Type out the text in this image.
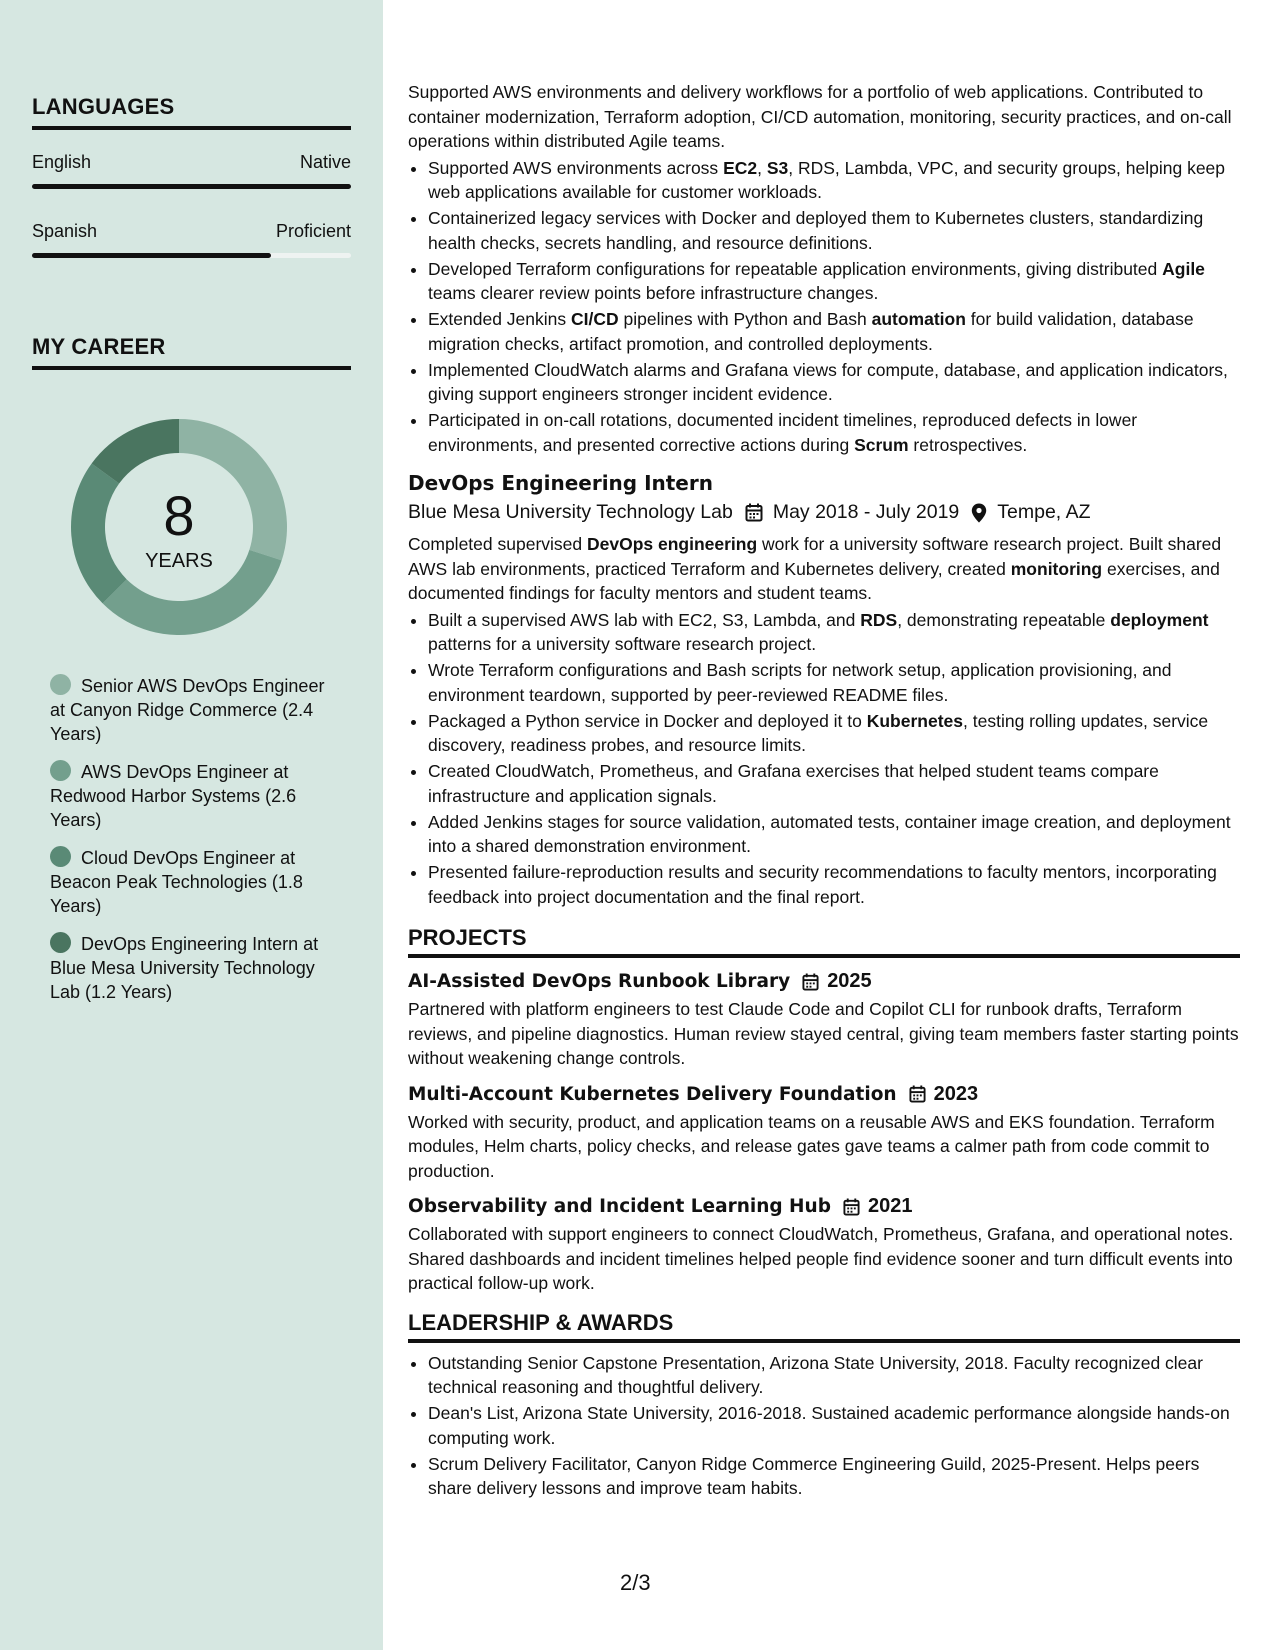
LANGUAGES
English	Native
Spanish	Proficient
MY CAREER
8
YEARS
Senior AWS DevOps Engineer at Canyon Ridge Commerce (2.4 Years)
AWS DevOps Engineer at Redwood Harbor Systems (2.6 Years)
Cloud DevOps Engineer at Beacon Peak Technologies (1.8 Years)
DevOps Engineering Intern at Blue Mesa University Technology Lab (1.2 Years)

Supported AWS environments and delivery workflows for a portfolio of web applications. Contributed to container modernization, Terraform adoption, CI/CD automation, monitoring, security practices, and on-call operations within distributed Agile teams.

• Supported AWS environments across EC2, S3, RDS, Lambda, VPC, and security groups, helping keep web applications available for customer workloads.
• Containerized legacy services with Docker and deployed them to Kubernetes clusters, standardizing health checks, secrets handling, and resource definitions.
• Developed Terraform configurations for repeatable application environments, giving distributed Agile teams clearer review points before infrastructure changes.
• Extended Jenkins CI/CD pipelines with Python and Bash automation for build validation, database migration checks, artifact promotion, and controlled deployments.
• Implemented CloudWatch alarms and Grafana views for compute, database, and application indicators, giving support engineers stronger incident evidence.
• Participated in on-call rotations, documented incident timelines, reproduced defects in lower environments, and presented corrective actions during Scrum retrospectives.
DevOps Engineering Intern
Blue Mesa University Technology Lab May 2018 - July 2019 Tempe, AZ

Completed supervised DevOps engineering work for a university software research project. Built shared AWS lab environments, practiced Terraform and Kubernetes delivery, created monitoring exercises, and documented findings for faculty mentors and student teams.

• Built a supervised AWS lab with EC2, S3, Lambda, and RDS, demonstrating repeatable deployment patterns for a university software research project.
• Wrote Terraform configurations and Bash scripts for network setup, application provisioning, and environment teardown, supported by peer-reviewed README files.
• Packaged a Python service in Docker and deployed it to Kubernetes, testing rolling updates, service discovery, readiness probes, and resource limits.
• Created CloudWatch, Prometheus, and Grafana exercises that helped student teams compare infrastructure and application signals.
• Added Jenkins stages for source validation, automated tests, container image creation, and deployment into a shared demonstration environment.
• Presented failure-reproduction results and security recommendations to faculty mentors, incorporating feedback into project documentation and the final report.
PROJECTS
AI-Assisted DevOps Runbook Library 2025

Partnered with platform engineers to test Claude Code and Copilot CLI for runbook drafts, Terraform reviews, and pipeline diagnostics. Human review stayed central, giving team members faster starting points without weakening change controls.

Multi-Account Kubernetes Delivery Foundation 2023

Worked with security, product, and application teams on a reusable AWS and EKS foundation. Terraform modules, Helm charts, policy checks, and release gates gave teams a calmer path from code commit to production.

Observability and Incident Learning Hub 2021

Collaborated with support engineers to connect CloudWatch, Prometheus, Grafana, and operational notes. Shared dashboards and incident timelines helped people find evidence sooner and turn difficult events into practical follow-up work.

LEADERSHIP & AWARDS
• Outstanding Senior Capstone Presentation, Arizona State University, 2018. Faculty recognized clear technical reasoning and thoughtful delivery.
• Dean's List, Arizona State University, 2016-2018. Sustained academic performance alongside hands-on computing work.
• Scrum Delivery Facilitator, Canyon Ridge Commerce Engineering Guild, 2025-Present. Helps peers share delivery lessons and improve team habits.
2/3
